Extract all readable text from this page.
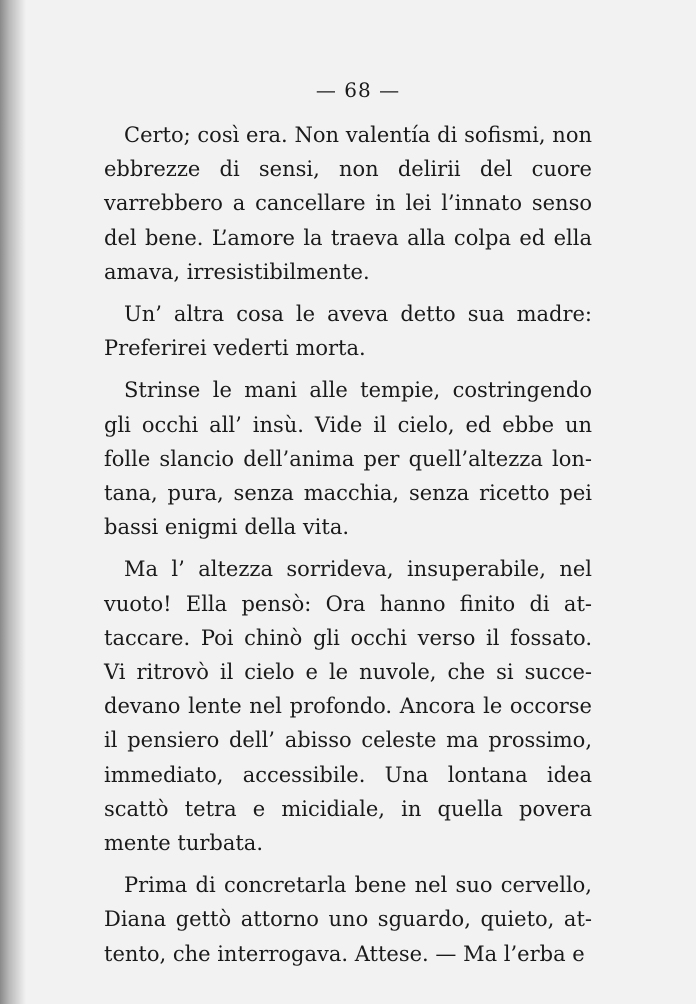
— 68 —

Certo; così era. Non valentía di sofismi, non ebbrezze di sensi, non delirii del cuore varrebbero a cancellare in lei l’innato senso del bene. L’amore la traeva alla colpa ed ella amava, irresistibilmente.

Un’ altra cosa le aveva detto sua madre: Preferirei vederti morta.

Strinse le mani alle tempie, costringendo gli occhi all’ insù. Vide il cielo, ed ebbe un folle slancio dell’anima per quell’altezza lontana, pura, senza macchia, senza ricetto pei bassi enigmi della vita.

Ma l’ altezza sorrideva, insuperabile, nel vuoto! Ella pensò: Ora hanno finito di attaccare. Poi chinò gli occhi verso il fossato. Vi ritrovò il cielo e le nuvole, che si succedevano lente nel profondo. Ancora le occorse il pensiero dell’ abisso celeste ma prossimo, immediato, accessibile. Una lontana idea scattò tetra e micidiale, in quella povera mente turbata.

Prima di concretarla bene nel suo cervello, Diana gettò attorno uno sguardo, quieto, attento, che interrogava. Attese. — Ma l’erba e
